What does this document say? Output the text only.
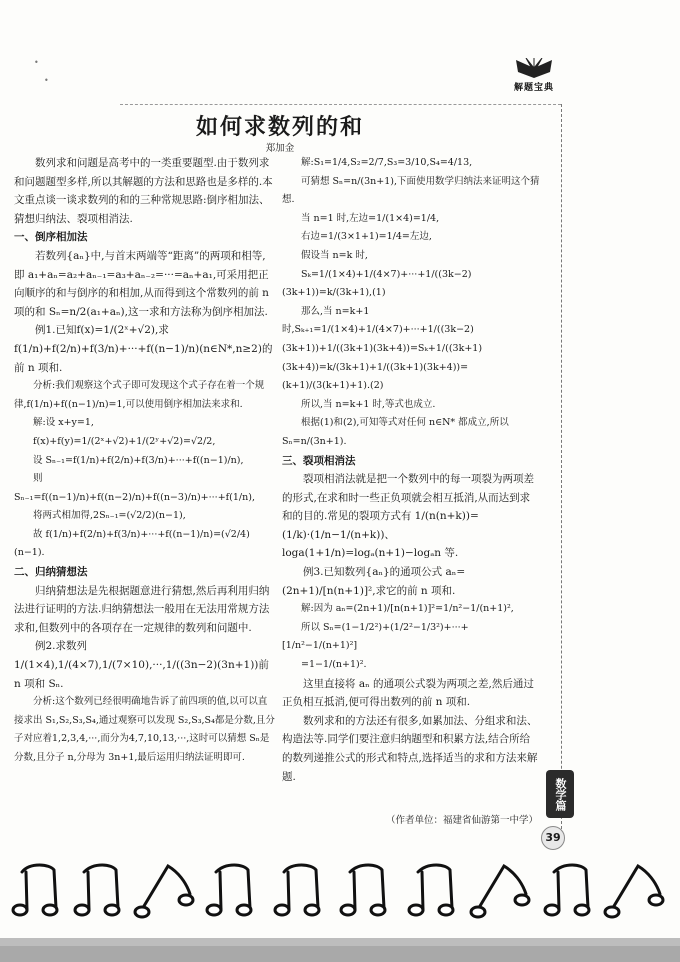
•
•
解题宝典
如何求数列的和
郑加金

数列求和问题是高考中的一类重要题型.由于数列求和问题题型多样,所以其解题的方法和思路也是多样的.本文重点谈一谈求数列的和的三种常规思路:倒序相加法、猜想归纳法、裂项相消法.

一、倒序相加法

若数列{aₙ}中,与首末两端等“距离”的两项和相等,即 a₁+aₙ=a₂+aₙ₋₁=a₃+aₙ₋₂=···=aₙ+a₁,可采用把正向顺序的和与倒序的和相加,从而得到这个常数列的前 n 项的和 Sₙ=n/2(a₁+aₙ),这一求和方法称为倒序相加法.

例1.已知f(x)=1/(2ˣ+√2),求 f(1/n)+f(2/n)+f(3/n)+···+f((n−1)/n)(n∈N*,n≥2)的前 n 项和.

分析:我们观察这个式子即可发现这个式子存在着一个规律,f(1/n)+f((n−1)/n)=1,可以使用倒序相加法来求和.

解:设 x+y=1,

f(x)+f(y)=1/(2ˣ+√2)+1/(2ʸ+√2)=√2/2,

设 Sₙ₋₁=f(1/n)+f(2/n)+f(3/n)+···+f((n−1)/n),

则 Sₙ₋₁=f((n−1)/n)+f((n−2)/n)+f((n−3)/n)+···+f(1/n),

将两式相加得,2Sₙ₋₁=(√2/2)(n−1),

故 f(1/n)+f(2/n)+f(3/n)+···+f((n−1)/n)=(√2/4)(n−1).

二、归纳猜想法

归纳猜想法是先根据题意进行猜想,然后再利用归纳法进行证明的方法.归纳猜想法一般用在无法用常规方法求和,但数列中的各项存在一定规律的数列和问题中.

例2.求数列1/(1×4),1/(4×7),1/(7×10),···,1/((3n−2)(3n+1))前 n 项和 Sₙ.

分析:这个数列已经很明确地告诉了前四项的值,以可以直接求出 S₁,S₂,S₃,S₄,通过观察可以发现 S₂,S₃,S₄都是分数,且分子对应着1,2,3,4,···,而分为4,7,10,13,···,这时可以猜想 Sₙ是分数,且分子 n,分母为 3n+1,最后运用归纳法证明即可.

解:S₁=1/4,S₂=2/7,S₃=3/10,S₄=4/13,

可猜想 Sₙ=n/(3n+1),下面使用数学归纳法来证明这个猜想.

当 n=1 时,左边=1/(1×4)=1/4,

右边=1/(3×1+1)=1/4=左边,

假设当 n=k 时,

Sₖ=1/(1×4)+1/(4×7)+···+1/((3k−2)(3k+1))=k/(3k+1),(1)

那么,当 n=k+1 时,Sₖ₊₁=1/(1×4)+1/(4×7)+···+1/((3k−2)(3k+1))+1/((3k+1)(3k+4))=Sₖ+1/((3k+1)(3k+4))=k/(3k+1)+1/((3k+1)(3k+4))=(k+1)/(3(k+1)+1).(2)

所以,当 n=k+1 时,等式也成立.

根据(1)和(2),可知等式对任何 n∈N* 都成立,所以 Sₙ=n/(3n+1).

三、裂项相消法

裂项相消法就是把一个数列中的每一项裂为两项差的形式,在求和时一些正负项就会相互抵消,从而达到求和的目的.常见的裂项方式有 1/(n(n+k))=(1/k)·(1/n−1/(n+k))、loga(1+1/n)=logₐ(n+1)−logₐn 等.

例3.已知数列{aₙ}的通项公式 aₙ=(2n+1)/[n(n+1)]²,求它的前 n 项和.

解:因为 aₙ=(2n+1)/[n(n+1)]²=1/n²−1/(n+1)²,

所以 Sₙ=(1−1/2²)+(1/2²−1/3²)+···+[1/n²−1/(n+1)²]

=1−1/(n+1)².

这里直接将 aₙ 的通项公式裂为两项之差,然后通过正负相互抵消,便可得出数列的前 n 项和.

数列求和的方法还有很多,如累加法、分组求和法、构造法等.同学们要注意归纳题型和积累方法,结合所给的数列递推公式的形式和特点,选择适当的求和方法来解题.

（作者单位：福建省仙游第一中学）
数学篇
39
